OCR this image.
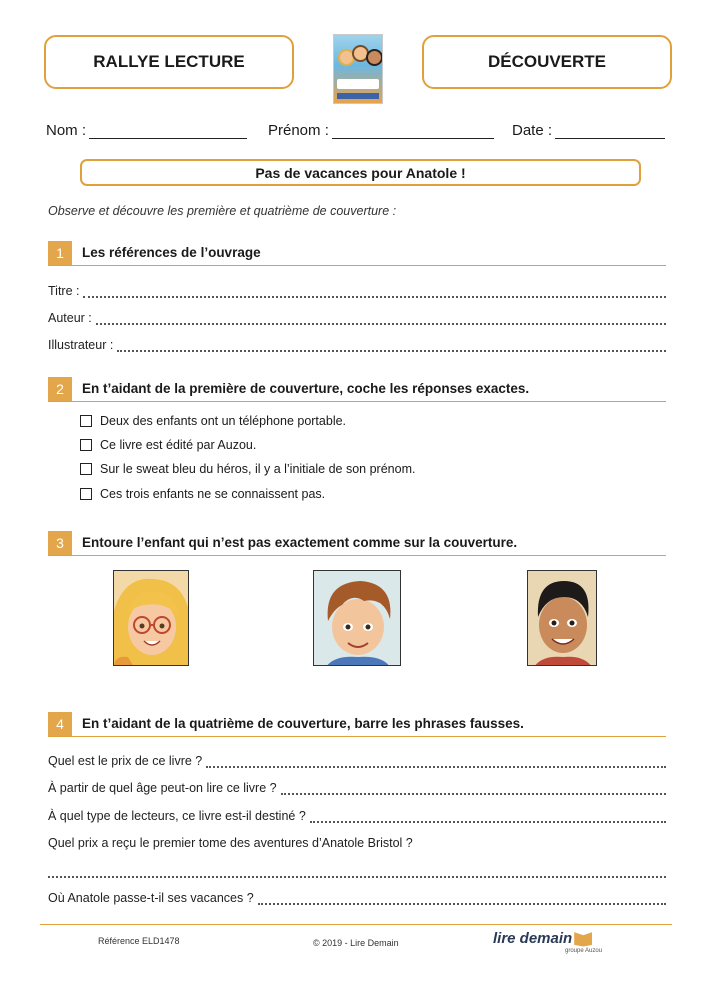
RALLYE LECTURE	DÉCOUVERTE
Nom :	Prénom :	Date :
Pas de vacances pour Anatole !
Observe et découvre les première et quatrième de couverture :
1	Les références de l’ouvrage
Titre :
Auteur :
Illustrateur :
2	En t’aidant de la première de couverture, coche les réponses exactes.
Deux des enfants ont un téléphone portable.
Ce livre est édité par Auzou.
Sur le sweat bleu du héros, il y a l’initiale de son prénom.
Ces trois enfants ne se connaissent pas.
3	Entoure l’enfant qui n’est pas exactement comme sur la couverture.
4	En t’aidant de la quatrième de couverture, barre les phrases fausses.
Quel est le prix de ce livre ?
À partir de quel âge peut-on lire ce livre ?
À quel type de lecteurs, ce livre est-il destiné ?
Quel prix a reçu le premier tome des aventures d’Anatole Bristol ?
Où Anatole passe-t-il ses vacances ?
Référence ELD1478	© 2019 - Lire Demain	lire demain
groupe Auzou
